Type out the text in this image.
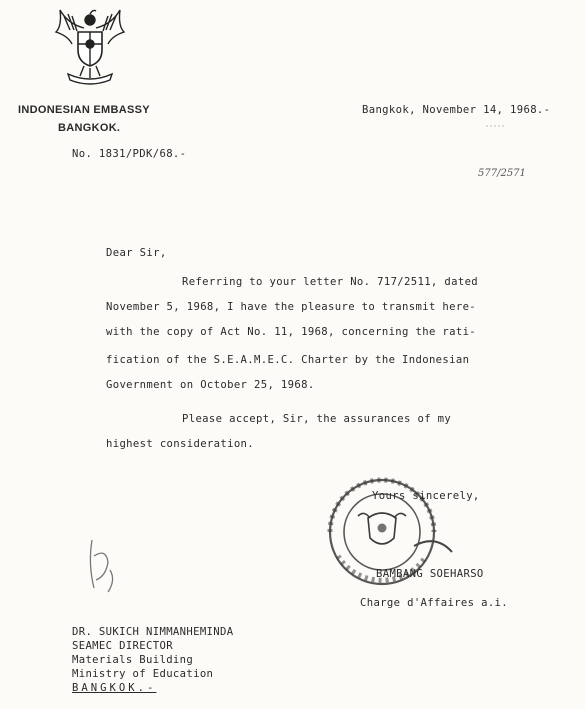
INDONESIAN EMBASSY
BANGKOK.
Bangkok, November 14, 1968.-
No. 1831/PDK/68.-
577/2571
Dear Sir,
Referring to your letter No. 717/2511, dated
November 5, 1968, I have the pleasure to transmit here-
with the copy of Act No. 11, 1968, concerning the rati-
fication of the S.E.A.M.E.C. Charter by the Indonesian
Government on October 25, 1968.
Please accept, Sir, the assurances of my
highest consideration.
Yours sincerely,
BAMBANG SOEHARSO
Charge d'Affaires a.i.
DR. SUKICH NIMMANHEMINDA
SEAMEC DIRECTOR
Materials Building
Ministry of Education
BANGKOK.-
